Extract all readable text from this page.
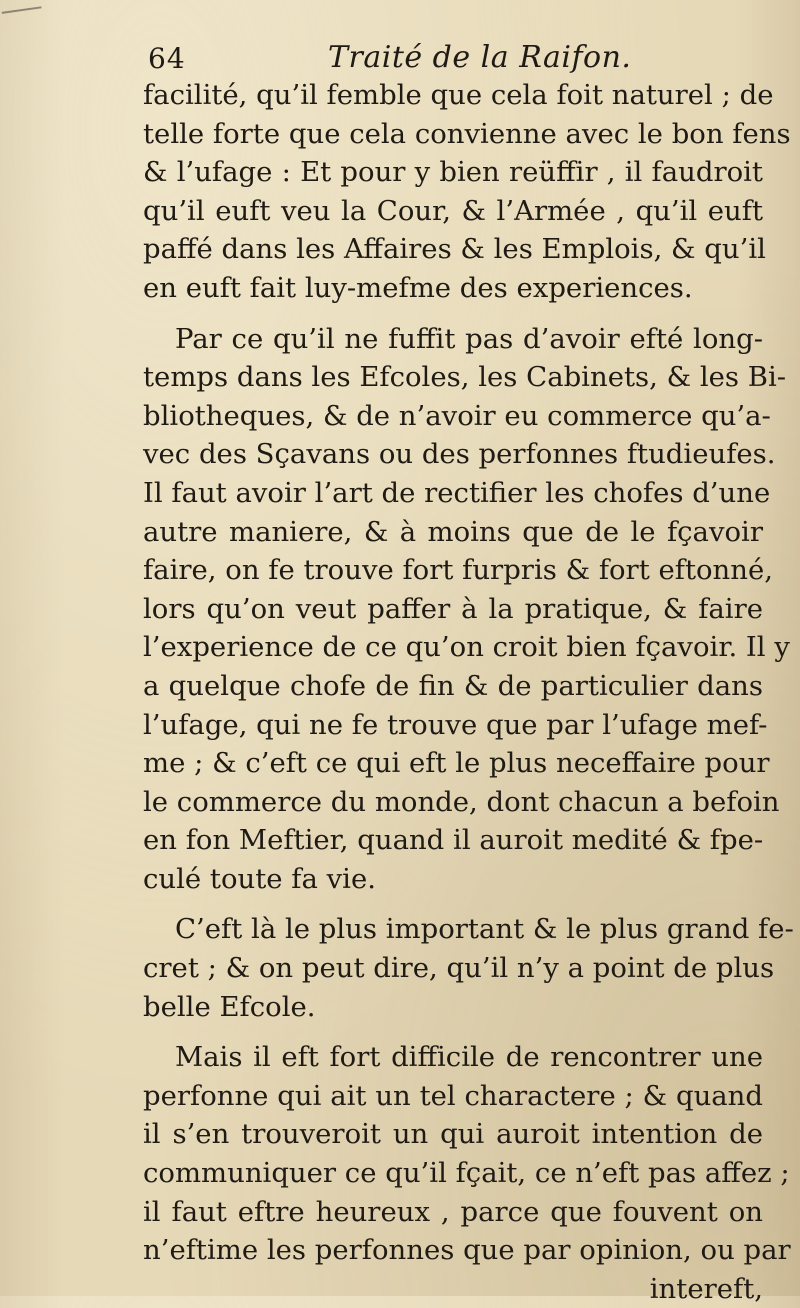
64	Traité de la Raifon.
facilité, qu’il femble que cela foit naturel ; de
telle forte que cela convienne avec le bon fens
& l’ufage : Et pour y bien reüffir , il faudroit
qu’il euft veu la Cour, & l’Armée , qu’il euft
paffé dans les Affaires & les Emplois, & qu’il
en euft fait luy-mefme des experiences.
Par ce qu’il ne fuffit pas d’avoir efté long-
temps dans les Efcoles, les Cabinets, & les Bi-
bliotheques, & de n’avoir eu commerce qu’a-
vec des Sçavans ou des perfonnes ftudieufes.
Il faut avoir l’art de rectifier les chofes d’une
autre maniere, & à moins que de le fçavoir
faire, on fe trouve fort furpris & fort eftonné,
lors qu’on veut paffer à la pratique, & faire
l’experience de ce qu’on croit bien fçavoir. Il y
a quelque chofe de fin & de particulier dans
l’ufage, qui ne fe trouve que par l’ufage mef-
me ; & c’eft ce qui eft le plus neceffaire pour
le commerce du monde, dont chacun a befoin
en fon Meftier, quand il auroit medité & fpe-
culé toute fa vie.
C’eft là le plus important & le plus grand fe-
cret ; & on peut dire, qu’il n’y a point de plus
belle Efcole.
Mais il eft fort difficile de rencontrer une
perfonne qui ait un tel charactere ; & quand
il s’en trouveroit un qui auroit intention de
communiquer ce qu’il fçait, ce n’eft pas affez ;
il faut eftre heureux , parce que fouvent on
n’eftime les perfonnes que par opinion, ou par
intereft,
